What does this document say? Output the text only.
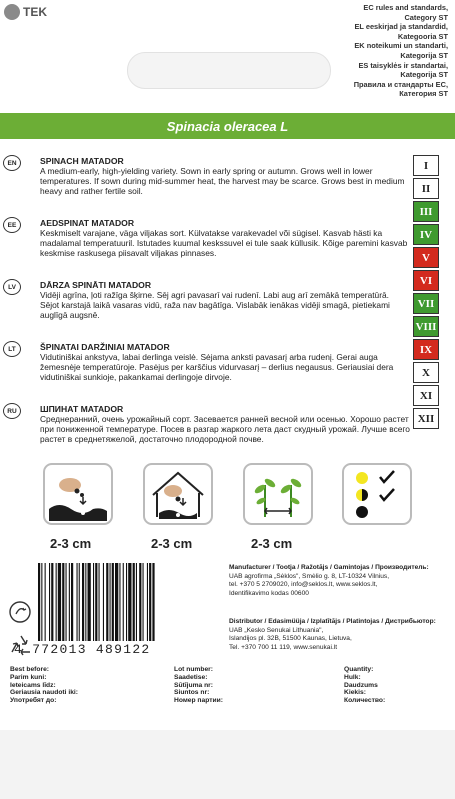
TEK	EC rules and standards,
Category ST
EL eeskirjad ja standardid,
Kategooria ST
EK noteikumi un standarti,
Kategorija ST
ES taisyklės ir standartai,
Kategorija ST
Правила и стандарты ЕС,
Категория ST
Spinacia oleracea L
EN	SPINACH MATADOR
A medium-early, high-yielding variety. Sown in early spring or autumn. Grows well in lower temperatures. If sown during mid-summer heat, the harvest may be scarce. Grows best in medium heavy and rather fertile soil.
EE	AEDSPINAT MATADOR
Keskmiselt varajane, väga viljakas sort. Külvatakse varakevadel või sügisel. Kasvab hästi ka madalamal temperatuuril. Istutades kuumal keskssuvel ei tule saak küllusik. Kõige paremini kasvab keskmise raskusega piisavalt viljakas pinnases.
LV	DĀRZA SPINĀTI MATADOR
Vidēji agrīna, ļoti ražīga šķirne. Sēj agri pavasarī vai rudenī. Labi aug arī zemākā temperatūrā. Sējot karstajā laikā vasaras vidū, raža nav bagātīga. Vislabāk ienākas vidēji smagā, pietiekami auglīgā augsnē.
LT	ŠPINATAI DARŽINIAI MATADOR
Vidutiniškai ankstyva, labai derlinga veislė. Sėjama anksti pavasarį arba rudenį. Gerai auga žemesnėje temperatūroje. Pasėjus per karščius vidurvasarį – derlius negausus. Geriausiai dera vidutiniškai sunkioje, pakankamai derlingoje dirvoje.
RU	ШПИНАТ MATADOR
Среднеранний, очень урожайный сорт. Засевается ранней весной или осенью. Хорошо растет при пониженной температуре. Посев в разгар жаркого лета даст скудный урожай. Лучше всего растет в среднетяжелой, достаточно плодородной почве.
I
II
III
IV
V
VI
VII
VIII
IX
X
XI
XII
2-3 cm	2-3 cm	2-3 cm
4 772013 489122
Manufacturer / Tootja / Ražotājs / Gamintojas / Производитель:
UAB agrofirma „Sėklos", Smėlio g. 8, LT-10324 Vilnius,
tel. +370 5 2709020, info@seklos.lt, www.seklos.lt,
Identifikavimo kodas 00600
Distributor / Edasimüüja / Izplatītājs / Platintojas / Дистрибьютор:
UAB „Kesko Senukai Lithuania",
Islandijos pl. 32B, 51500 Kaunas, Lietuva,
Tel. +370 700 11 119, www.senukai.lt
Best before:
Parim kuni:
Ieteicams līdz:
Geriausia naudoti iki:
Употребят до:
Lot number:
Saadetise:
Sūtījuma nr:
Siuntos nr:
Номер партии:
Quantity:
Hulk:
Daudzums
Kiekis:
Количество:
